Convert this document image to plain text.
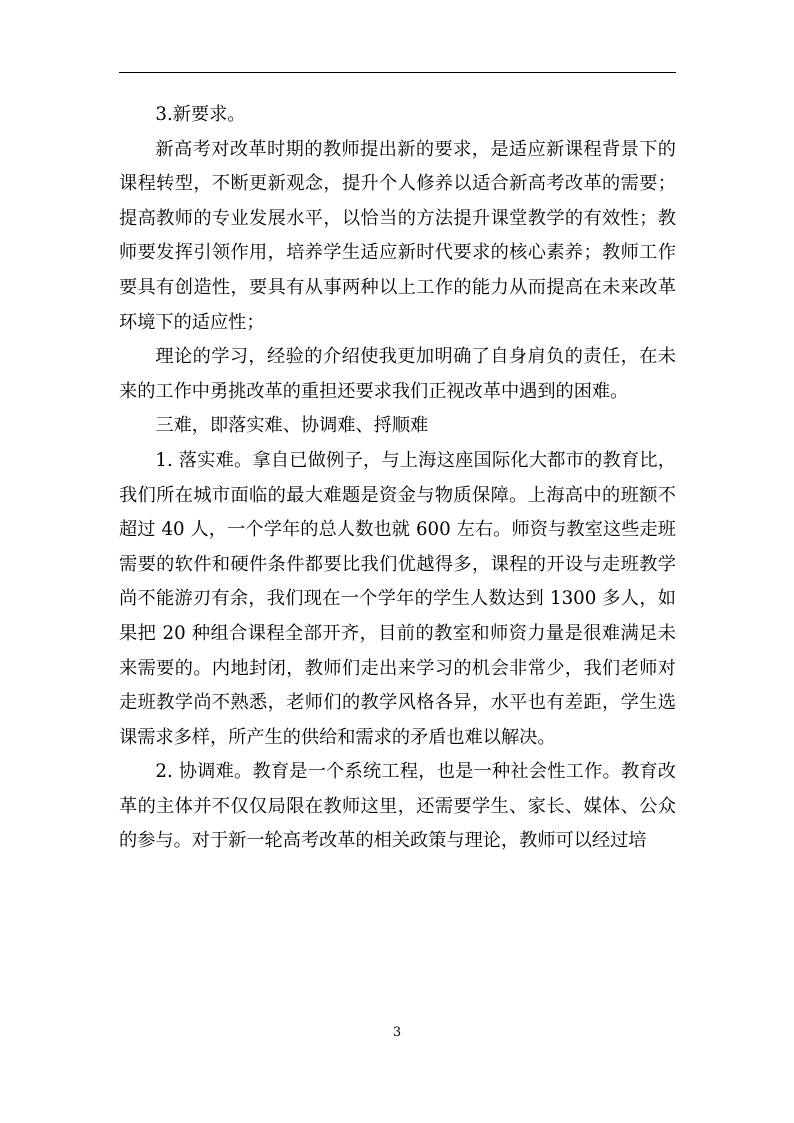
3.新要求。

新高考对改革时期的教师提出新的要求，是适应新课程背景下的课程转型，不断更新观念，提升个人修养以适合新高考改革的需要；提高教师的专业发展水平，以恰当的方法提升课堂教学的有效性；教师要发挥引领作用，培养学生适应新时代要求的核心素养；教师工作要具有创造性，要具有从事两种以上工作的能力从而提高在未来改革环境下的适应性；

理论的学习，经验的介绍使我更加明确了自身肩负的责任，在未来的工作中勇挑改革的重担还要求我们正视改革中遇到的困难。

三难，即落实难、协调难、捋顺难

1. 落实难。拿自已做例子，与上海这座国际化大都市的教育比，我们所在城市面临的最大难题是资金与物质保障。上海高中的班额不超过 40 人，一个学年的总人数也就 600 左右。师资与教室这些走班需要的软件和硬件条件都要比我们优越得多，课程的开设与走班教学尚不能游刃有余，我们现在一个学年的学生人数达到 1300 多人，如果把 20 种组合课程全部开齐，目前的教室和师资力量是很难满足未来需要的。内地封闭，教师们走出来学习的机会非常少，我们老师对走班教学尚不熟悉，老师们的教学风格各异，水平也有差距，学生选课需求多样，所产生的供给和需求的矛盾也难以解决。

2. 协调难。教育是一个系统工程，也是一种社会性工作。教育改革的主体并不仅仅局限在教师这里，还需要学生、家长、媒体、公众的参与。对于新一轮高考改革的相关政策与理论，教师可以经过培

3
